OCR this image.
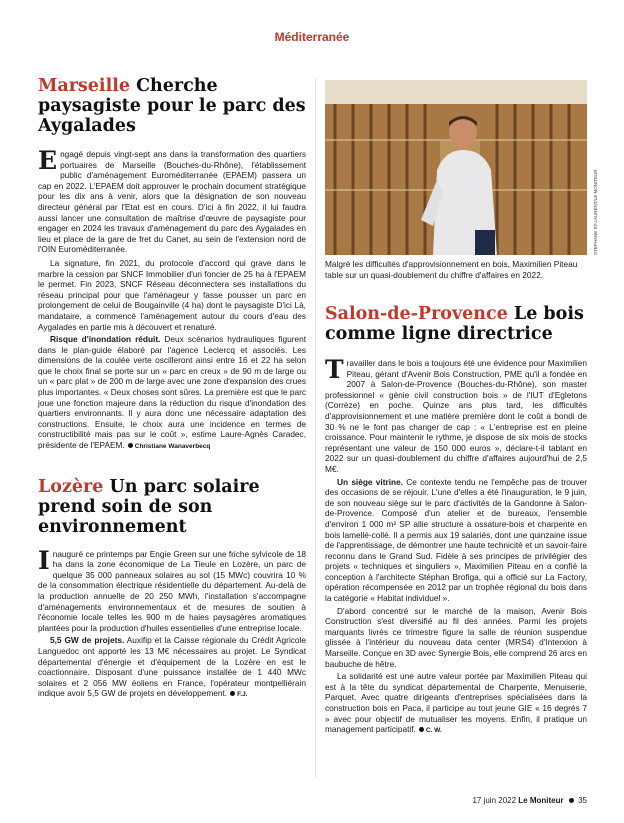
Méditerranée
Marseille Cherche paysagiste pour le parc des Aygalades

Engagé depuis vingt-sept ans dans la transformation des quartiers portuaires de Marseille (Bouches-du-Rhône), l'établissement public d'aménagement Euroméditerranée (EPAEM) passera un cap en 2022. L'EPAEM doit approuver le prochain document stratégique pour les dix ans à venir, alors que la désignation de son nouveau directeur général par l'Etat est en cours. D'ici à fin 2022, il lui faudra aussi lancer une consultation de maîtrise d'œuvre de paysagiste pour engager en 2024 les travaux d'aménagement du parc des Aygalades en lieu et place de la gare de fret du Canet, au sein de l'extension nord de l'OIN Euroméditerranée.

La signature, fin 2021, du protocole d'accord qui grave dans le marbre la cession par SNCF Immobilier d'un foncier de 25 ha à l'EPAEM le permet. Fin 2023, SNCF Réseau déconnectera ses installations du réseau principal pour que l'aménageur y fasse pousser un parc en prolongement de celui de Bougainville (4 ha) dont le paysagiste D'ici Là, mandataire, a commencé l'aménagement autour du cours d'eau des Aygalades en partie mis à découvert et renaturé.

Risque d'inondation réduit. Deux scénarios hydrauliques figurent dans le plan-guide élaboré par l'agence Leclercq et associés. Les dimensions de la coulée verte oscilleront ainsi entre 16 et 22 ha selon que le choix final se porte sur un « parc en creux » de 90 m de large ou un « parc plat » de 200 m de large avec une zone d'expansion des crues plus importantes. « Deux choses sont sûres. La première est que le parc joue une fonction majeure dans la réduction du risque d'inondation des quartiers environnants. Il y aura donc une nécessaire adaptation des constructions. Ensuite, le choix aura une incidence en termes de constructibilité mais pas sur le coût », estime Laure-Agnès Caradec, présidente de l'EPAEM. Christiane Wanaverbecq

Lozère Un parc solaire prend soin de son environnement

Inauguré ce printemps par Engie Green sur une friche sylvicole de 18 ha dans la zone économique de La Tieule en Lozère, un parc de quelque 35 000 panneaux solaires au sol (15 MWc) couvrira 10 % de la consommation électrique résidentielle du département. Au-delà de la production annuelle de 20 250 MWh, l'installation s'accompagne d'aménagements environnementaux et de mesures de soutien à l'économie locale telles les 900 m de haies paysagères aromatiques plantées pour la production d'huiles essentielles d'une entreprise locale.

5,5 GW de projets. Auxifip et la Caisse régionale du Crédit Agricole Languedoc ont apporté les 13 M€ nécessaires au projet. Le Syndicat départemental d'énergie et d'équipement de la Lozère en est le coactionnaire. Disposant d'une puissance installée de 1 440 MWc solaires et 2 056 MW éoliens en France, l'opérateur montpelliérain indique avoir 5,5 GW de projets en développement. F.J.

Malgré les difficultés d'approvisionnement en bois, Maximilien Piteau table sur un quasi-doublement du chiffre d'affaires en 2022.
Salon-de-Provence Le bois comme ligne directrice

Travailler dans le bois a toujours été une évidence pour Maximilien Piteau, gérant d'Avenir Bois Construction, PME qu'il a fondée en 2007 à Salon-de-Provence (Bouches-du-Rhône), son master professionnel « génie civil construction bois » de l'IUT d'Egletons (Corrèze) en poche. Quinze ans plus tard, les difficultés d'approvisionnement et une matière première dont le coût a bondi de 30 % ne le font pas changer de cap : « L'entreprise est en pleine croissance. Pour maintenir le rythme, je dispose de six mois de stocks représentant une valeur de 150 000 euros », déclare-t-il tablant en 2022 sur un quasi-doublement du chiffre d'affaires aujourd'hui de 2,5 M€.

Un siège vitrine. Ce contexte tendu ne l'empêche pas de trouver des occasions de se réjouir. L'une d'elles a été l'inauguration, le 9 juin, de son nouveau siège sur le parc d'activités de la Gandonne à Salon-de-Provence. Composé d'un atelier et de bureaux, l'ensemble d'environ 1 000 m² SP allie structure à ossature-bois et charpente en bois lamellé-collé. Il a permis aux 19 salariés, dont une quinzaine issue de l'apprentissage, de démontrer une haute technicité et un savoir-faire reconnu dans le Grand Sud. Fidèle à ses principes de privilégier des projets « techniques et singuliers », Maximilien Piteau en a confié la conception à l'architecte Stéphan Brofiga, qui a officié sur La Factory, opération récompensée en 2012 par un trophée régional du bois dans la catégorie « Habitat individuel ».

D'abord concentré sur le marché de la maison, Avenir Bois Construction s'est diversifié au fil des années. Parmi les projets marquants livrés ce trimestre figure la salle de réunion suspendue glissée à l'intérieur du nouveau data center (MRS4) d'Interxion à Marseille. Conçue en 3D avec Synergie Bois, elle comprend 26 arcs en baubuche de hêtre.

La solidarité est une autre valeur portée par Maximilien Piteau qui est à la tête du syndicat départemental de Charpente, Menuiserie, Parquet. Avec quatre dirigeants d'entreprises spécialisées dans la construction bois en Paca, il participe au tout jeune GIE « 16 degrés 7 » avec pour objectif de mutualiser les moyens. Enfin, il pratique un management participatif. C. W.

STEPHANE ST-LAURENT/LE MONITEUR
17 juin 2022 Le Moniteur 35
